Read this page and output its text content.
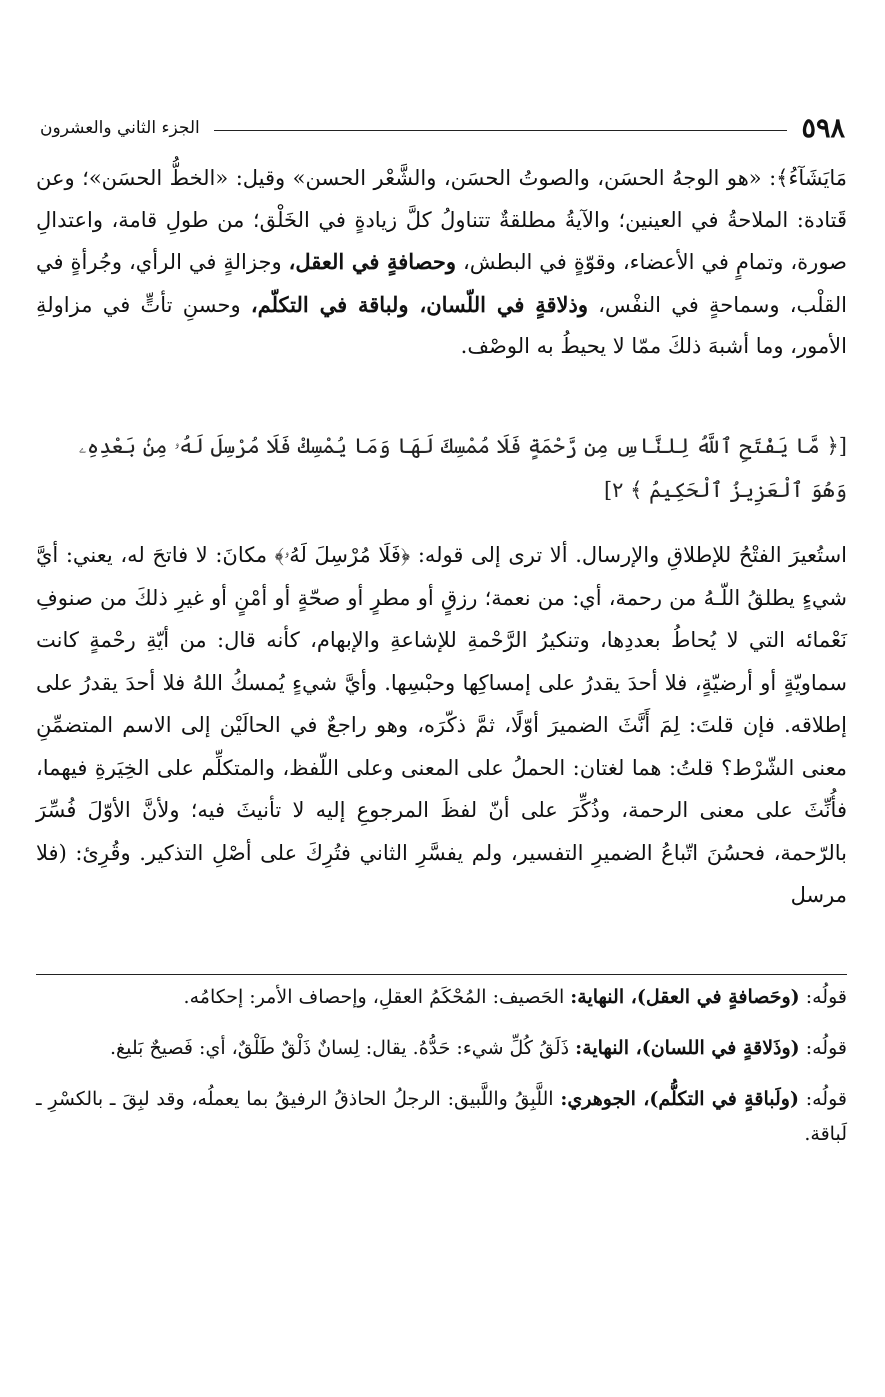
٥٩٨
الجزء الثاني والعشرون

مَايَشَآءُ﴾: «هو الوجهُ الحسَن، والصوتُ الحسَن، والشَّعْر الحسن» وقيل: «الخطُّ الحسَن»؛ وعن قَتادة: الملاحةُ في العينين؛ والآيةُ مطلقةٌ تتناولُ كلَّ زيادةٍ في الخَلْق؛ من طولِ قامة، واعتدالِ صورة، وتمامٍ في الأعضاء، وقوّةٍ في البطش، وحصافةٍ في العقل، وجزالةٍ في الرأي، وجُرأةٍ في القلْب، وسماحةٍ في النفْس، وذلاقةٍ في اللّسان، ولباقة في التكلّم، وحسنِ تأتٍّ في مزاولةِ الأمور، وما أشبهَ ذلكَ ممّا لا يحيطُ به الوصْف.

[﴿ مَّا يَفْتَحِ ٱللَّهُ لِلنَّاسِ مِن رَّحْمَةٍ فَلَا مُمْسِكَ لَهَا وَمَا يُمْسِكْ فَلَا مُرْسِلَ لَهُۥ مِنۢ بَعْدِهِۦ وَهُوَ ٱلْعَزِيزُ ٱلْحَكِيمُ ﴾ ٢]

استُعيرَ الفتْحُ للإطلاقِ والإرسال. ألا ترى إلى قوله: ﴿فَلَا مُرْسِلَ لَهُۥ﴾ مكانَ: لا فاتحَ له، يعني: أيَّ شيءٍ يطلقُ اللّـهُ من رحمة، أي: من نعمة؛ رزقٍ أو مطرٍ أو صحّةٍ أو أمْنٍ أو غيرِ ذلكَ من صنوفِ نَعْمائه التي لا يُحاطُ بعددِها، وتنكيرُ الرَّحْمةِ للإشاعةِ والإبهام، كأنه قال: من أيّةِ رحْمةٍ كانت سماويّةٍ أو أرضيّةٍ، فلا أحدَ يقدرُ على إمساكِها وحبْسِها. وأيَّ شيءٍ يُمسكُ اللهُ فلا أحدَ يقدرُ على إطلاقه. فإن قلتَ: لِمَ أَنَّثَ الضميرَ أوّلًا، ثمَّ ذكّرَه، وهو راجعٌ في الحالَيْن إلى الاسم المتضمِّنِ معنى الشّرْط؟ قلتُ: هما لغتان: الحملُ على المعنى وعلى اللّفظ، والمتكلِّم على الخِيَرةِ فيهما، فأُنِّثَ على معنى الرحمة، وذُكِّرَ على أنّ لفظَ المرجوعِ إليه لا تأنيثَ فيه؛ ولأنَّ الأوّلَ فُسِّرَ بالرّحمة، فحسُنَ اتّباعُ الضميرِ التفسير، ولم يفسَّرِ الثاني فتُرِكَ على أصْلِ التذكير. وقُرِئ: (فلا مرسل

قولُه: (وحَصافةٍ في العقل)، النهاية: الحَصيف: المُحْكَمُ العقلِ، وإحصاف الأمر: إحكامُه.

قولُه: (وذَلاقةٍ في اللسان)، النهاية: ذَلَقُ كُلِّ شيء: حَدُّهُ. يقال: لِسانٌ ذَلْقٌ طَلْقٌ، أي: فَصيحٌ بَليغ.

قولُه: (ولَباقةٍ في التكلُّم)، الجوهري: اللَّبِقُ واللَّبيق: الرجلُ الحاذقُ الرفيقُ بما يعملُه، وقد لبِقَ ـ بالكسْرِ ـ لَباقة.
